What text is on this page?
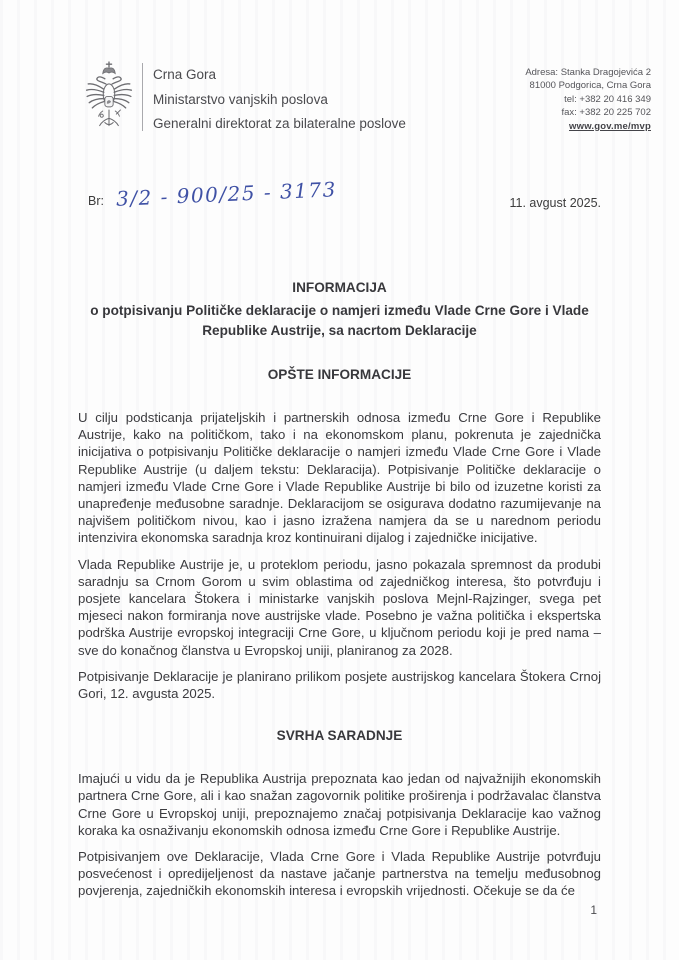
Crna Gora
Ministarstvo vanjskih poslova
Generalni direktorat za bilateralne poslove
Adresa: Stanka Dragojevića 2
81000 Podgorica, Crna Gora
tel: +382 20 416 349
fax: +382 20 225 702
www.gov.me/mvp
Br: 3/2 - 900/25 - 3173	11. avgust 2025.
INFORMACIJA
o potpisivanju Političke deklaracije o namjeri između Vlade Crne Gore i Vlade Republike Austrije, sa nacrtom Deklaracije
OPŠTE INFORMACIJE

U cilju podsticanja prijateljskih i partnerskih odnosa između Crne Gore i Republike Austrije, kako na političkom, tako i na ekonomskom planu, pokrenuta je zajednička inicijativa o potpisivanju Političke deklaracije o namjeri između Vlade Crne Gore i Vlade Republike Austrije (u daljem tekstu: Deklaracija). Potpisivanje Političke deklaracije o namjeri između Vlade Crne Gore i Vlade Republike Austrije bi bilo od izuzetne koristi za unapređenje međusobne saradnje. Deklaracijom se osigurava dodatno razumijevanje na najvišem političkom nivou, kao i jasno izražena namjera da se u narednom periodu intenzivira ekonomska saradnja kroz kontinuirani dijalog i zajedničke inicijative.

Vlada Republike Austrije je, u proteklom periodu, jasno pokazala spremnost da produbi saradnju sa Crnom Gorom u svim oblastima od zajedničkog interesa, što potvrđuju i posjete kancelara Štokera i ministarke vanjskih poslova Mejnl-Rajzinger, svega pet mjeseci nakon formiranja nove austrijske vlade. Posebno je važna politička i ekspertska podrška Austrije evropskoj integraciji Crne Gore, u ključnom periodu koji je pred nama – sve do konačnog članstva u Evropskoj uniji, planiranog za 2028.

Potpisivanje Deklaracije je planirano prilikom posjete austrijskog kancelara Štokera Crnoj Gori, 12. avgusta 2025.

SVRHA SARADNJE

Imajući u vidu da je Republika Austrija prepoznata kao jedan od najvažnijih ekonomskih partnera Crne Gore, ali i kao snažan zagovornik politike proširenja i podržavalac članstva Crne Gore u Evropskoj uniji, prepoznajemo značaj potpisivanja Deklaracije kao važnog koraka ka osnaživanju ekonomskih odnosa između Crne Gore i Republike Austrije.

Potpisivanjem ove Deklaracije, Vlada Crne Gore i Vlada Republike Austrije potvrđuju posvećenost i opredijeljenost da nastave jačanje partnerstva na temelju međusobnog povjerenja, zajedničkih ekonomskih interesa i evropskih vrijednosti. Očekuje se da će

1
